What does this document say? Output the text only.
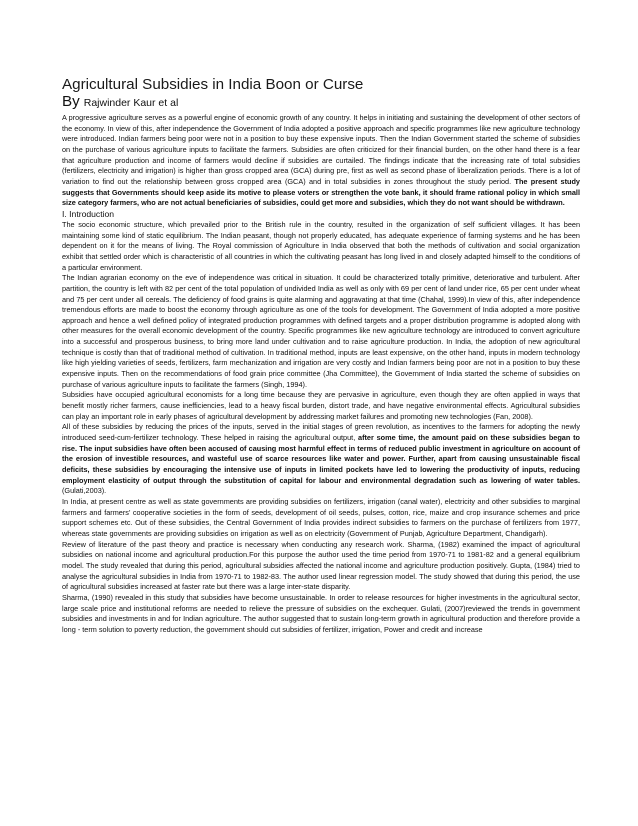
Agricultural Subsidies in India Boon or Curse
By Rajwinder Kaur et al

A progressive agriculture serves as a powerful engine of economic growth of any country. It helps in initiating and sustaining the development of other sectors of the economy. In view of this, after independence the Government of India adopted a positive approach and specific programmes like new agriculture technology were introduced. Indian farmers being poor were not in a position to buy these expensive inputs. Then the Indian Government started the scheme of subsidies on the purchase of various agriculture inputs to facilitate the farmers. Subsidies are often criticized for their financial burden, on the other hand there is a fear that agriculture production and income of farmers would decline if subsidies are curtailed. The findings indicate that the increasing rate of total subsidies (fertilizers, electricity and irrigation) is higher than gross cropped area (GCA) during pre, first as well as second phase of liberalization periods. There is a lot of variation to find out the relationship between gross cropped area (GCA) and in total subsidies in zones throughout the study period. The present study suggests that Governments should keep aside its motive to please voters or strengthen the vote bank, it should frame rational policy in which small size category farmers, who are not actual beneficiaries of subsidies, could get more and subsidies, which they do not want should be withdrawn.

I. Introduction

The socio economic structure, which prevailed prior to the British rule in the country, resulted in the organization of self sufficient villages. It has been maintaining some kind of static equilibrium. The Indian peasant, though not properly educated, has adequate experience of farming systems and he has been dependent on it for the means of living. The Royal commission of Agriculture in India observed that both the methods of cultivation and social organization exhibit that settled order which is characteristic of all countries in which the cultivating peasant has long lived in and closely adapted himself to the conditions of a particular environment.

The Indian agrarian economy on the eve of independence was critical in situation. It could be characterized totally primitive, deteriorative and turbulent. After partition, the country is left with 82 per cent of the total population of undivided India as well as only with 69 per cent of land under rice, 65 per cent under wheat and 75 per cent under all cereals. The deficiency of food grains is quite alarming and aggravating at that time (Chahal, 1999).In view of this, after independence tremendous efforts are made to boost the economy through agriculture as one of the tools for development. The Government of India adopted a more positive approach and hence a well defined policy of integrated production programmes with defined targets and a proper distribution programme is adopted along with other measures for the overall economic development of the country. Specific programmes like new agriculture technology are introduced to convert agriculture into a successful and prosperous business, to bring more land under cultivation and to raise agriculture production. In India, the adoption of new agricultural technique is costly than that of traditional method of cultivation. In traditional method, inputs are least expensive, on the other hand, inputs in modern technology like high yielding varieties of seeds, fertilizers, farm mechanization and irrigation are very costly and Indian farmers being poor are not in a position to buy these expensive inputs. Then on the recommendations of food grain price committee (Jha Committee), the Government of India started the scheme of subsidies on purchase of various agriculture inputs to facilitate the farmers (Singh, 1994).

Subsidies have occupied agricultural economists for a long time because they are pervasive in agriculture, even though they are often applied in ways that benefit mostly richer farmers, cause inefficiencies, lead to a heavy fiscal burden, distort trade, and have negative environmental effects. Agricultural subsidies can play an important role in early phases of agricultural development by addressing market failures and promoting new technologies (Fan, 2008).

All of these subsidies by reducing the prices of the inputs, served in the initial stages of green revolution, as incentives to the farmers for adopting the newly introduced seed-cum-fertilizer technology. These helped in raising the agricultural output, after some time, the amount paid on these subsidies began to rise. The input subsidies have often been accused of causing most harmful effect in terms of reduced public investment in agriculture on account of the erosion of investible resources, and wasteful use of scarce resources like water and power. Further, apart from causing unsustainable fiscal deficits, these subsidies by encouraging the intensive use of inputs in limited pockets have led to lowering the productivity of inputs, reducing employment elasticity of output through the substitution of capital for labour and environmental degradation such as lowering of water tables.(Gulati,2003).

In India, at present centre as well as state governments are providing subsidies on fertilizers, irrigation (canal water), electricity and other subsidies to marginal farmers and farmers’ cooperative societies in the form of seeds, development of oil seeds, pulses, cotton, rice, maize and crop insurance schemes and price support schemes etc. Out of these subsidies, the Central Government of India provides indirect subsidies to farmers on the purchase of fertilizers from 1977, whereas state governments are providing subsidies on irrigation as well as on electricity (Government of Punjab, Agriculture Department, Chandigarh).

Review of literature of the past theory and practice is necessary when conducting any research work. Sharma, (1982) examined the impact of agricultural subsidies on national income and agricultural production.For this purpose the author used the time period from 1970-71 to 1981-82 and a general equilibrium model. The study revealed that during this period, agricultural subsidies affected the national income and agriculture production positively. Gupta, (1984) tried to analyse the agricultural subsidies in India from 1970-71 to 1982-83. The author used linear regression model. The study showed that during this period, the use of agricultural subsidies increased at faster rate but there was a large inter-state disparity.

Sharma, (1990) revealed in this study that subsidies have become unsustainable. In order to release resources for higher investments in the agricultural sector, large scale price and institutional reforms are needed to relieve the pressure of subsidies on the exchequer. Gulati, (2007)reviewed the trends in government subsidies and investments in and for Indian agriculture. The author suggested that to sustain long-term growth in agricultural production and therefore provide a long - term solution to poverty reduction, the government should cut subsidies of fertilizer, irrigation, Power and credit and increase
